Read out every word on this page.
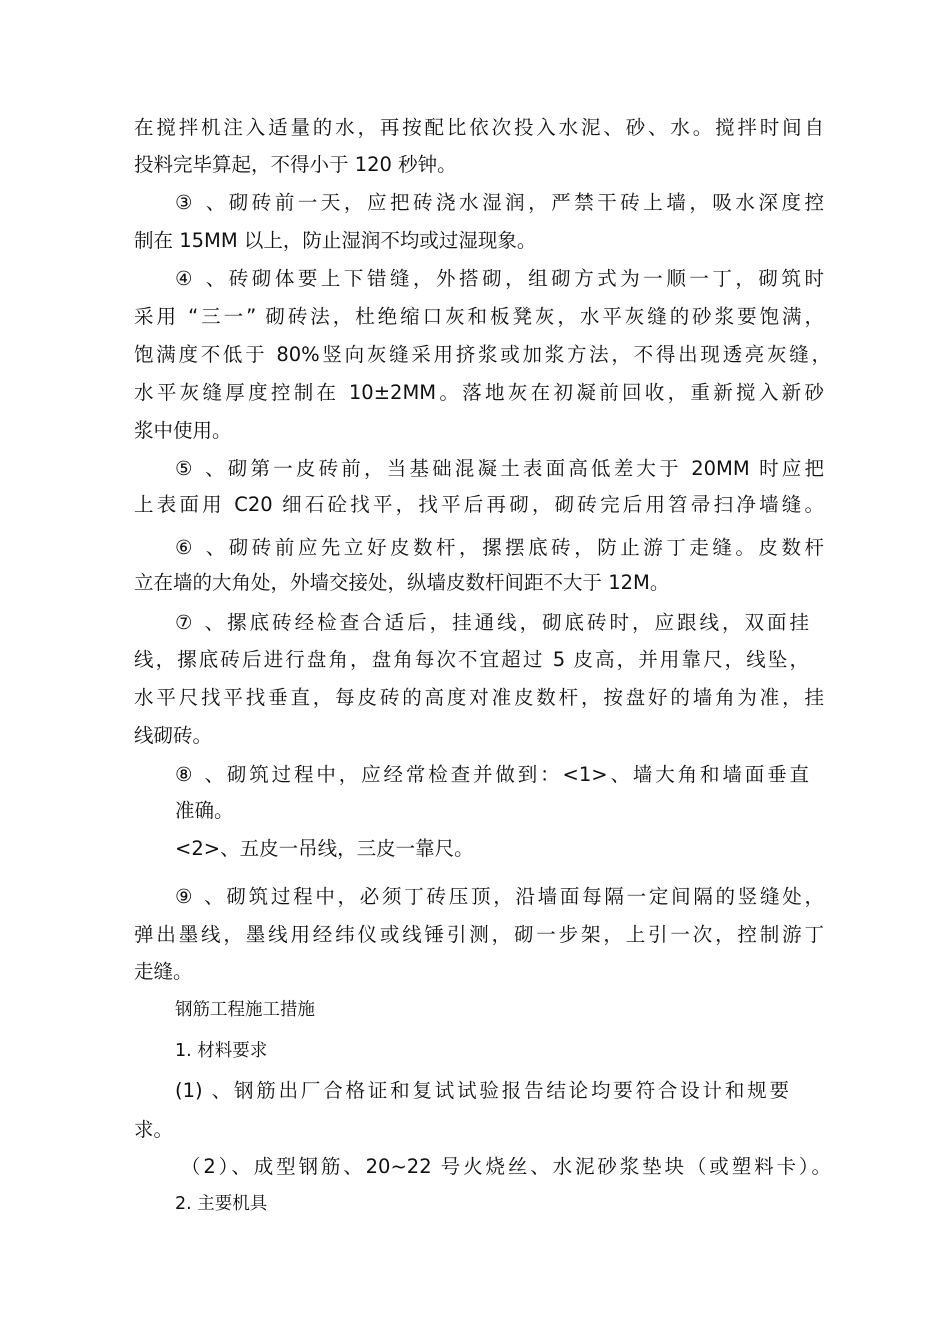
在搅拌机注入适量的水，再按配比依次投入水泥、砂、水。搅拌时间自
投料完毕算起，不得小于 120 秒钟。
③ 、砌砖前一天，应把砖浇水湿润，严禁干砖上墙，吸水深度控
制在 15MM 以上，防止湿润不均或过湿现象。
④ 、砖砌体要上下错缝，外搭砌，组砌方式为一顺一丁，砌筑时
采用 “三一” 砌砖法，杜绝缩口灰和板凳灰，水平灰缝的砂浆要饱满，
饱满度不低于 80%竖向灰缝采用挤浆或加浆方法，不得出现透亮灰缝，
水平灰缝厚度控制在 10±2MM。落地灰在初凝前回收，重新搅入新砂
浆中使用。
⑤ 、砌第一皮砖前，当基础混凝土表面高低差大于 20MM 时应把
上表面用 C20 细石砼找平，找平后再砌，砌砖完后用笤帚扫净墙缝。
⑥ 、砌砖前应先立好皮数杆，摞摆底砖，防止游丁走缝。皮数杆
立在墙的大角处，外墙交接处，纵墙皮数杆间距不大于 12M。
⑦ 、摞底砖经检查合适后，挂通线，砌底砖时，应跟线，双面挂
线，摞底砖后进行盘角，盘角每次不宜超过 5 皮高，并用靠尺，线坠，
水平尺找平找垂直，每皮砖的高度对准皮数杆，按盘好的墙角为准，挂
线砌砖。
⑧ 、砌筑过程中，应经常检查并做到：<1>、墙大角和墙面垂直
准确。
<2>、五皮一吊线，三皮一靠尺。
⑨ 、砌筑过程中，必须丁砖压顶，沿墙面每隔一定间隔的竖缝处，
弹出墨线，墨线用经纬仪或线锤引测，砌一步架，上引一次，控制游丁
走缝。
钢筋工程施工措施
1. 材料要求
(1) 、钢筋出厂合格证和复试试验报告结论均要符合设计和规要
求。
（2）、成型钢筋、20~22 号火烧丝、水泥砂浆垫块（或塑料卡）。
2. 主要机具
